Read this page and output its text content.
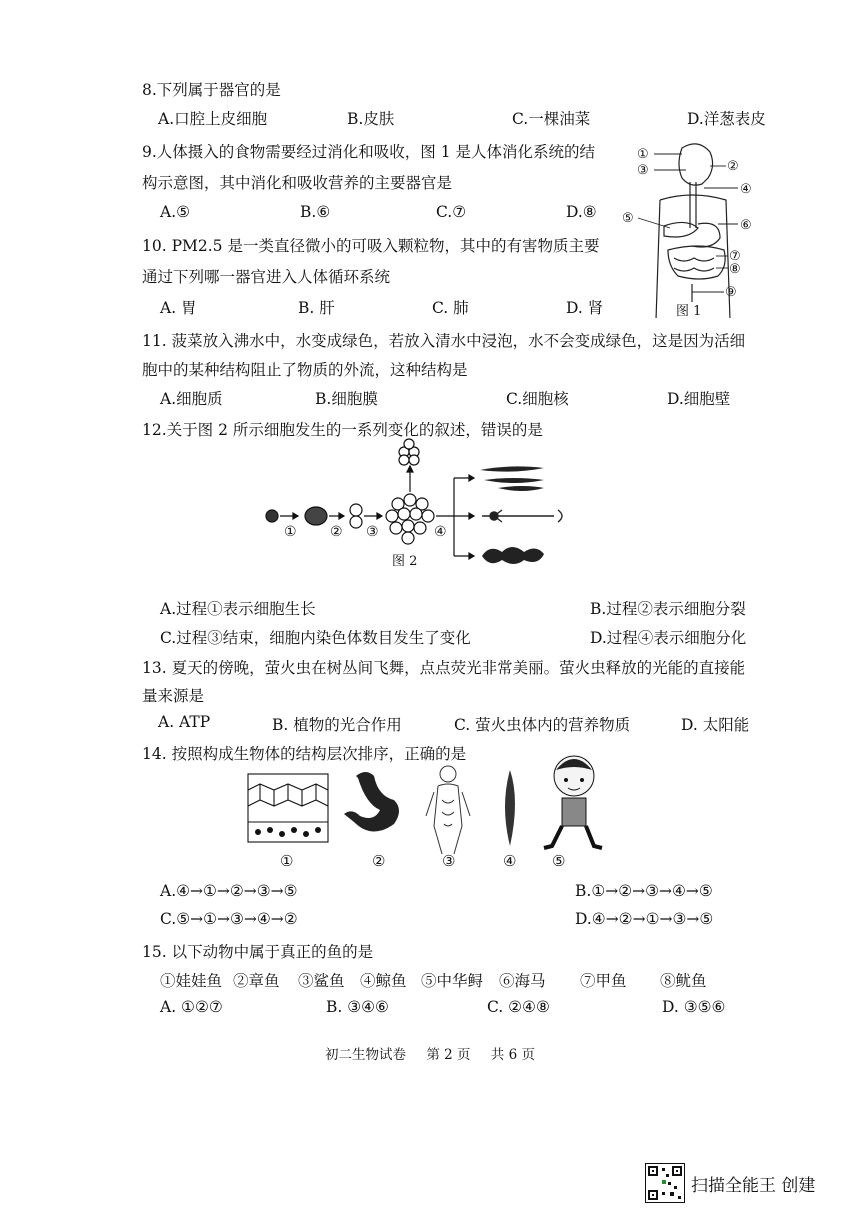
8.下列属于器官的是
A.口腔上皮细胞	B.皮肤	C.一棵油菜	D.洋葱表皮
9.人体摄入的食物需要经过消化和吸收，图 1 是人体消化系统的结
构示意图，其中消化和吸收营养的主要器官是
A.⑤	B.⑥	C.⑦	D.⑧
10. PM2.5 是一类直径微小的可吸入颗粒物，其中的有害物质主要
通过下列哪一器官进入人体循环系统
A. 胃	B. 肝	C. 肺	D. 肾
①
③	②
④
⑤	⑥
⑦
⑧
⑨
图 1
11. 菠菜放入沸水中，水变成绿色，若放入清水中浸泡，水不会变成绿色，这是因为活细
胞中的某种结构阻止了物质的外流，这种结构是
A.细胞质	B.细胞膜	C.细胞核	D.细胞壁
12.关于图 2 所示细胞发生的一系列变化的叙述，错误的是
① ② ③	④
图 2
A.过程①表示细胞生长	B.过程②表示细胞分裂
C.过程③结束，细胞内染色体数目发生了变化	D.过程④表示细胞分化
13. 夏天的傍晚，萤火虫在树丛间飞舞，点点荧光非常美丽。萤火虫释放的光能的直接能
量来源是
A. ATP	B. 植物的光合作用	C. 萤火虫体内的营养物质	D. 太阳能
14. 按照构成生物体的结构层次排序，正确的是
①	②	③	④ ⑤
A.④→①→②→③→⑤	B.①→②→③→④→⑤
C.⑤→①→③→④→②	D.④→②→①→③→⑤
15. 以下动物中属于真正的鱼的是
①娃娃鱼 ②章鱼 ③鲨鱼 ④鲸鱼 ⑤中华鲟 ⑥海马 ⑦甲鱼 ⑧鱿鱼
A. ①②⑦	B. ③④⑥	C. ②④⑧	D. ③⑤⑥
初二生物试卷 第 2 页 共 6 页
扫描全能王 创建
